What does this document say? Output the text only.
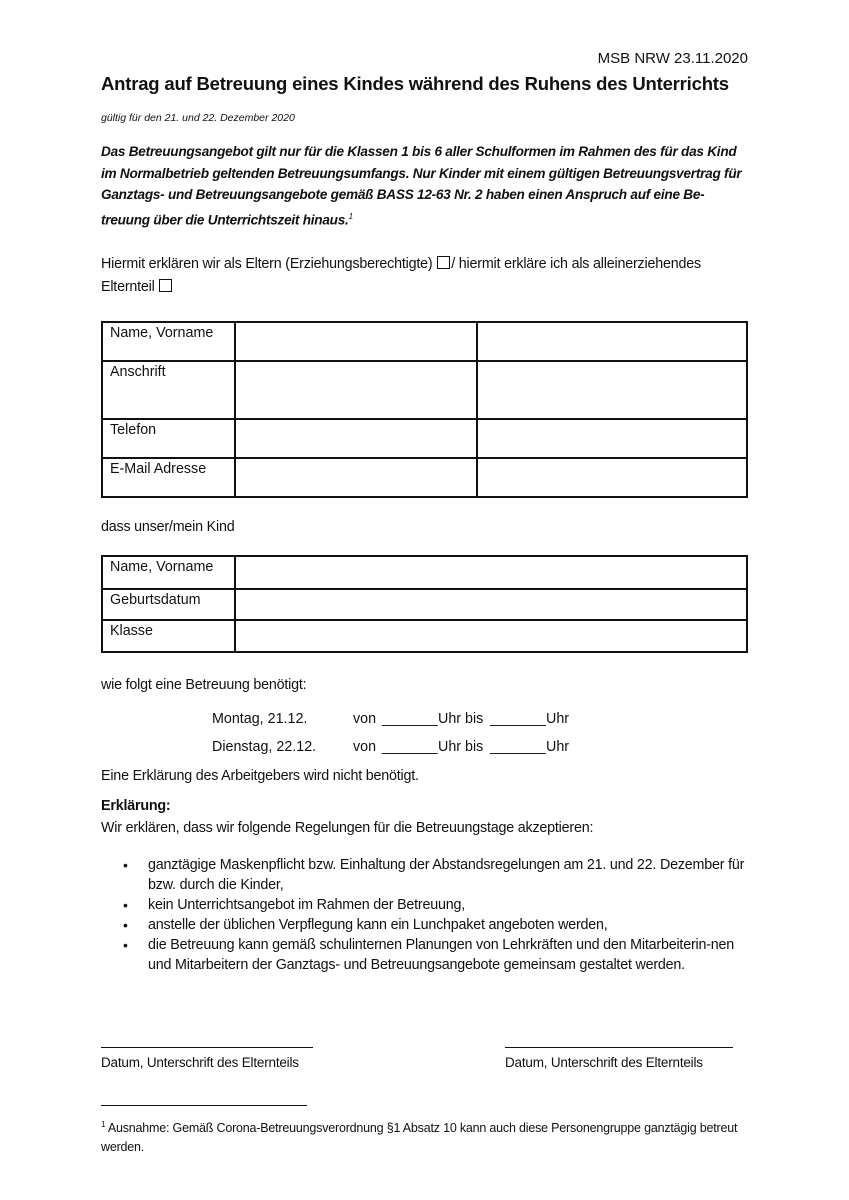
MSB NRW 23.11.2020
Antrag auf Betreuung eines Kindes während des Ruhens des Unterrichts
gültig für den 21. und 22. Dezember 2020
Das Betreuungsangebot gilt nur für die Klassen 1 bis 6 aller Schulformen im Rahmen des für das Kind im Normalbetrieb geltenden Betreuungsumfangs. Nur Kinder mit einem gültigen Betreuungsvertrag für Ganztags- und Betreuungsangebote gemäß BASS 12-63 Nr. 2 haben einen Anspruch auf eine Be-treuung über die Unterrichtszeit hinaus.$^1$
Hiermit erklären wir als Eltern (Erziehungsberechtigte) / hiermit erkläre ich als alleinerziehendes Elternteil
Name, Vorname		
Anschrift		
Telefon		
E-Mail Adresse		
dass unser/mein Kind
Name, Vorname	
Geburtsdatum	
Klasse	
wie folgt eine Betreuung benötigt:
Montag, 21.12.	von _______ Uhr bis _______ Uhr
Dienstag, 22.12.	von _______ Uhr bis _______ Uhr
Eine Erklärung des Arbeitgebers wird nicht benötigt.
Erklärung:
Wir erklären, dass wir folgende Regelungen für die Betreuungstage akzeptieren:
• ganztägige Maskenpflicht bzw. Einhaltung der Abstandsregelungen am 21. und 22. Dezember für bzw. durch die Kinder,
• kein Unterrichtsangebot im Rahmen der Betreuung,
• anstelle der üblichen Verpflegung kann ein Lunchpaket angeboten werden,
• die Betreuung kann gemäß schulinternen Planungen von Lehrkräften und den Mitarbeiterin-nen und Mitarbeitern der Ganztags- und Betreuungsangebote gemeinsam gestaltet werden.
Datum, Unterschrift des Elternteils	Datum, Unterschrift des Elternteils
$^1$ Ausnahme: Gemäß Corona-Betreuungsverordnung §1 Absatz 10 kann auch diese Personengruppe ganztägig betreut werden.
